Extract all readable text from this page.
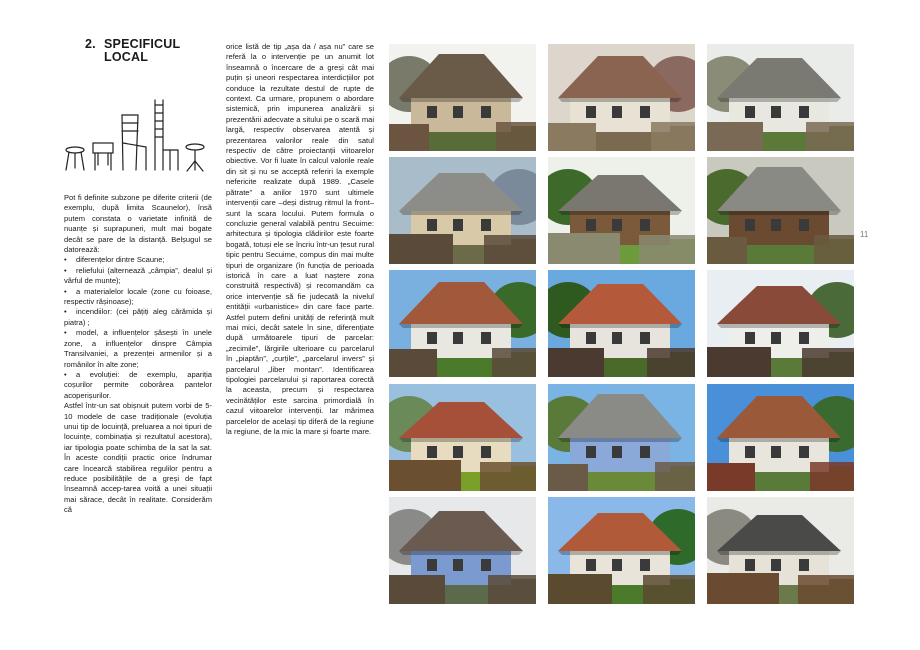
2. SPECIFICUL LOCAL

Pot fi definite subzone pe diferite criterii (de exemplu, după limita Scaunelor), însă putem constata o varietate infinită de nuanțe și suprapuneri, mult mai bogate decât se pare de la distanță. Belșugul se datorează:

• diferențelor dintre Scaune;
• reliefului (alternează „câmpia”, dealul și vârful de munte);
• a materialelor locale (zone cu foioase, respectiv rășinoase);
• incendiilor: (cei pățiți aleg cărămida și piatra) ;
• model, a influențelor șăsești în unele zone, a influențelor dinspre Câmpia Transilvaniei, a prezenței armenilor și a românilor în alte zone;
• a evoluției: de exemplu, apariția coșurilor permite coborârea pantelor acoperișurilor.

Astfel într-un sat obișnuit putem vorbi de 5-10 modele de case tradiționale (evoluția unui tip de locuință, preluarea a noi tipuri de locuințe, combinația și rezultatul acestora), iar tipologia poate schimba de la sat la sat. În aceste condiții practic orice îndrumar care încearcă stabilirea regulilor pentru a reduce posibilitățile de a greși de fapt înseamnă accep-tarea voită a unei situații mai săracе, decât în realitate. Considerăm că

orice listă de tip „așa da / așa nu” care se referă la o intervenție pe un anumit lot înseamnă o încercare de a greși cât mai puțin și uneori respectarea interdicțiilor pot conduce la rezultate destul de rupte de context. Ca urmare, propunem o abordare sistemică, prin impunerea analizării și prezentării adecvate a sitului pe o scară mai largă, respectiv observarea atentă și prezentarea valorilor reale din satul respectiv de către proiectanții viitoarelor obiective. Vor fi luate în calcul valorile reale din sit și nu se acceptă referiri la exemple nefericite realizate după 1989. „Casele pătrate” a anilor 1970 sunt ultimele intervenții care –deși distrug ritmul la front– sunt la scara locului. Putem formula o concluzie general valabilă pentru Secuime: arhitectura și tipologia clădirilor este foarte bogată, totuși ele se încriu într-un țesut rural tipic pentru Secuime, compus din mai multe tipuri de organizare (în funcția de perioada istorică în care a luat naștere zona construită respectivă) și recomandăm ca orice intervenție să fie judecată la nivelul entității «urbanistice» din care face parte. Astfel putem defini unități de referință mult mai mici, decât satele în sine, diferențiate după următoarele tipuri de parcelar: „zecimile”, lărgirile ulterioare cu parcelarul în „piaptăn”, „curțile”, „parcelarul invers” și parcelarul „liber montan”. Identificarea tipologiei parcelarului și raportarea corectă la aceasta, precum și respectarea vecinătăților este sarcina primordială în cazul viitoarelor intervenții. Iar mărimea parcelelor de același tip diferă de la regiune la regiune, de la mic la mare și foarte mare.

11
